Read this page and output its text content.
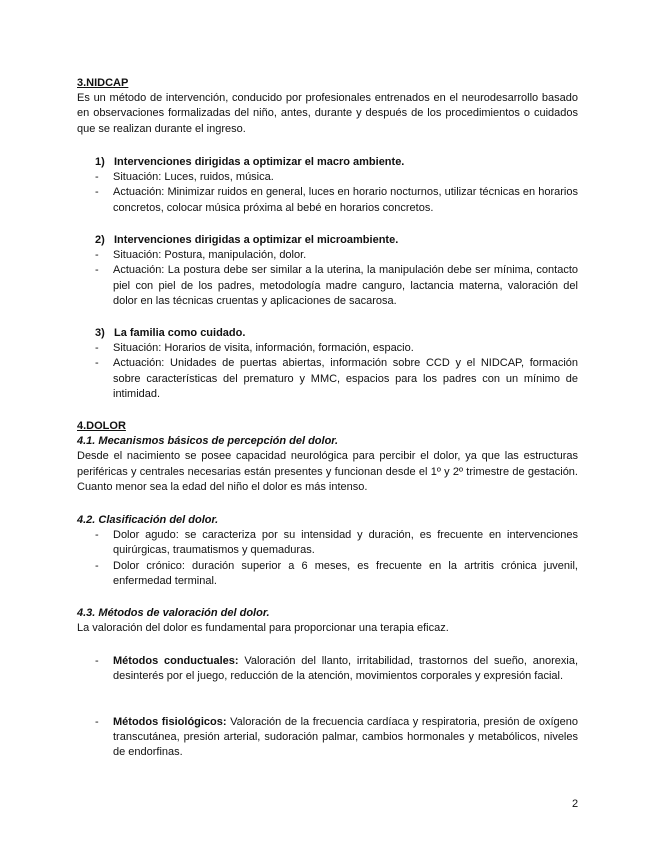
3.NIDCAP
Es un método de intervención, conducido por profesionales entrenados en el neurodesarrollo basado en observaciones formalizadas del niño, antes, durante y después de los procedimientos o cuidados que se realizan durante el ingreso.
1) Intervenciones dirigidas a optimizar el macro ambiente.
-	Situación: Luces, ruidos, música.
-	Actuación: Minimizar ruidos en general, luces en horario nocturnos, utilizar técnicas en horarios concretos, colocar música próxima al bebé en horarios concretos.
2) Intervenciones dirigidas a optimizar el microambiente.
-	Situación: Postura, manipulación, dolor.
-	Actuación: La postura debe ser similar a la uterina, la manipulación debe ser mínima, contacto piel con piel de los padres, metodología madre canguro, lactancia materna, valoración del dolor en las técnicas cruentas y aplicaciones de sacarosa.
3) La familia como cuidado.
-	Situación: Horarios de visita, información, formación, espacio.
-	Actuación: Unidades de puertas abiertas, información sobre CCD y el NIDCAP, formación sobre características del prematuro y MMC, espacios para los padres con un mínimo de intimidad.
4.DOLOR
4.1. Mecanismos básicos de percepción del dolor.
Desde el nacimiento se posee capacidad neurológica para percibir el dolor, ya que las estructuras periféricas y centrales necesarias están presentes y funcionan desde el 1º y 2º trimestre de gestación. Cuanto menor sea la edad del niño el dolor es más intenso.
4.2. Clasificación del dolor.
-	Dolor agudo: se caracteriza por su intensidad y duración, es frecuente en intervenciones quirúrgicas, traumatismos y quemaduras.
-	Dolor crónico: duración superior a 6 meses, es frecuente en la artritis crónica juvenil, enfermedad terminal.
4.3. Métodos de valoración del dolor.
La valoración del dolor es fundamental para proporcionar una terapia eficaz.
-	Métodos conductuales: Valoración del llanto, irritabilidad, trastornos del sueño, anorexia, desinterés por el juego, reducción de la atención, movimientos corporales y expresión facial.
-	Métodos fisiológicos: Valoración de la frecuencia cardíaca y respiratoria, presión de oxígeno transcutánea, presión arterial, sudoración palmar, cambios hormonales y metabólicos, niveles de endorfinas.
2
